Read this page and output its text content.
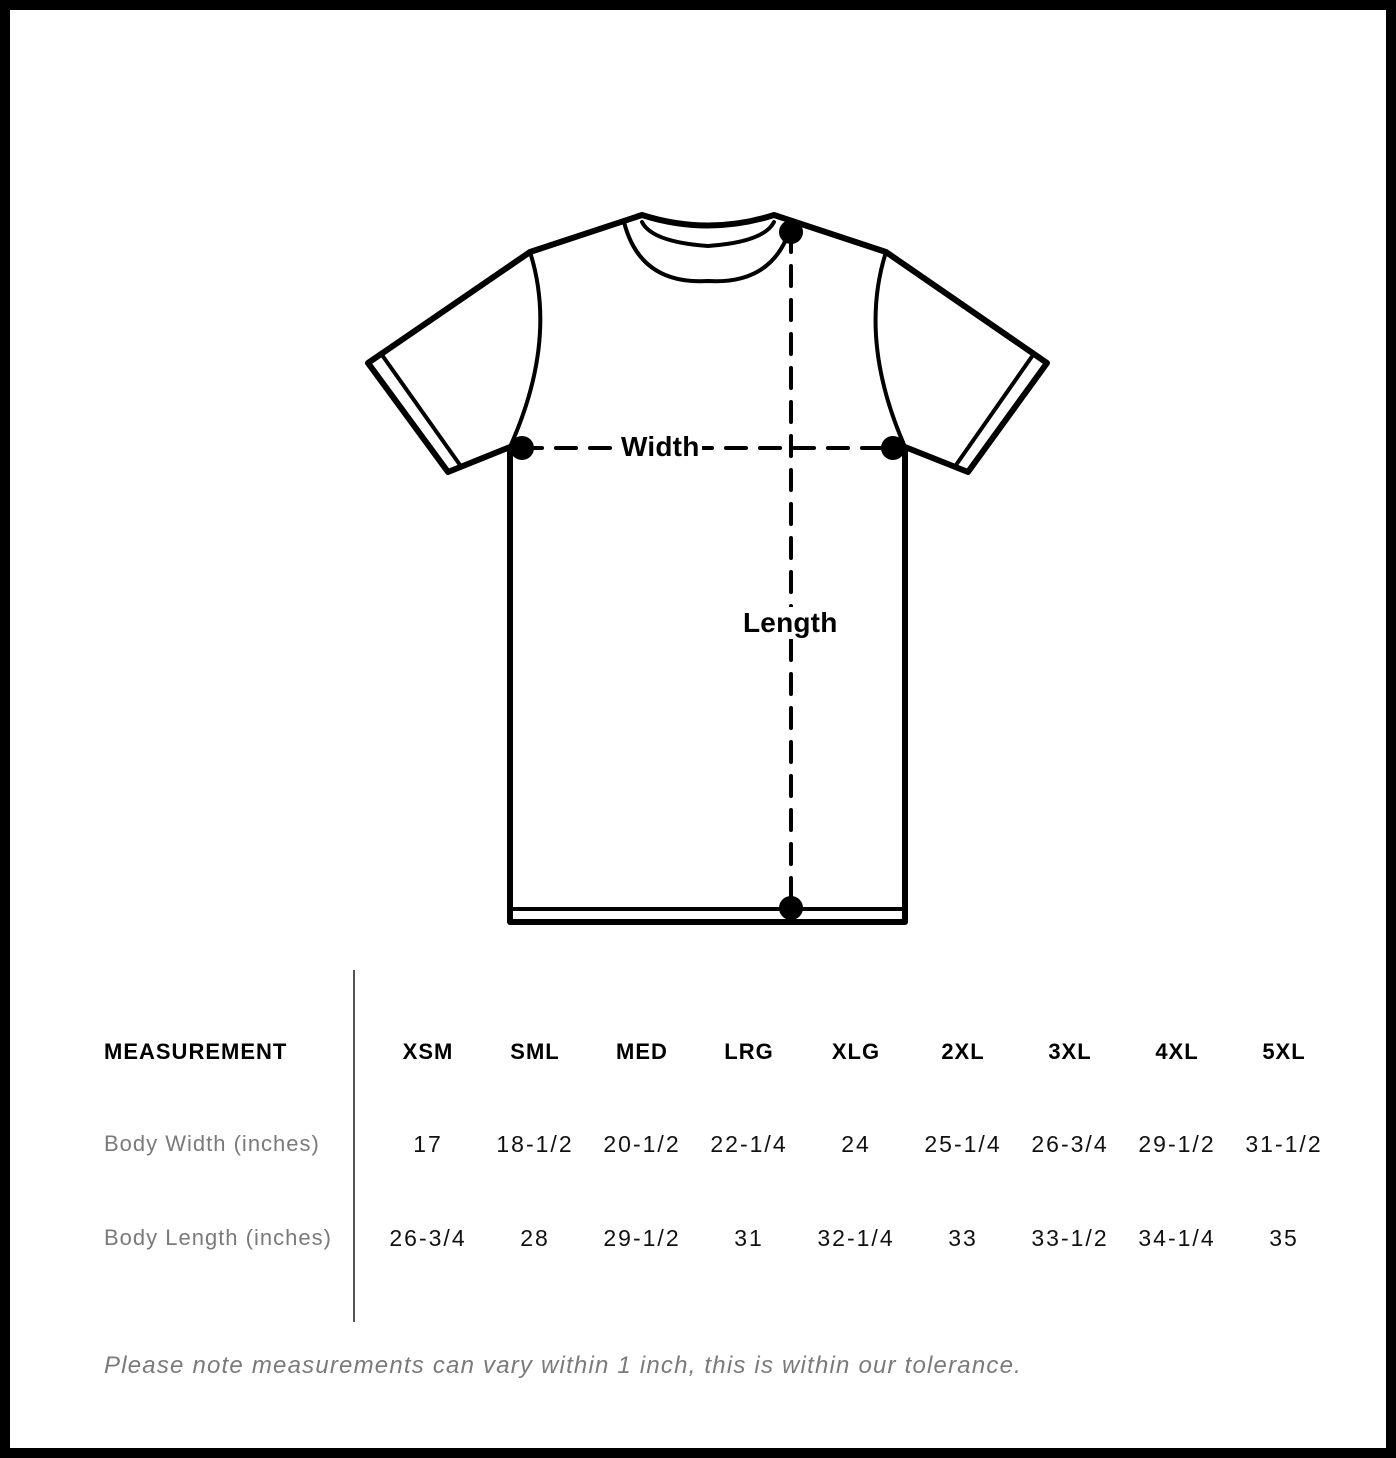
Width
Length
MEASUREMENT	XSM	SML	MED	LRG	XLG	2XL	3XL	4XL	5XL
Body Width (inches)	17	18-1/2	20-1/2	22-1/4	24	25-1/4	26-3/4	29-1/2	31-1/2
Body Length (inches)	26-3/4	28	29-1/2	31	32-1/4	33	33-1/2	34-1/4	35
Please note measurements can vary within 1 inch, this is within our tolerance.
